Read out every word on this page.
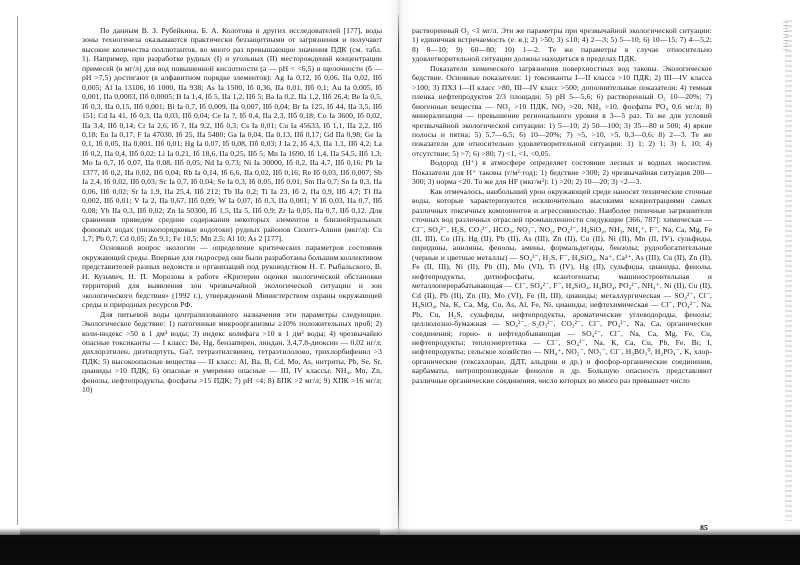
По данным В. З. Рубейкина, Б. А. Колотова и других исследователей [177], воды зоны техногенеза оказываются практически беззащитными от загрязнения и получают высокие количества поллютантов, во много раз превышающие значения ПДК (см. табл. 1). Например, при разработке рудных (I) и угольных (II) месторождений концентрации примесей (в мг/л) для вод повышенной кислотности (а — рН < <6,5) и щелочности (б — рН >7,5) достигают (в алфавитном порядке элементов): Ag Iа 0,12, Iб 0,06, IIа 0,02, IIб 0,005; Al Iа 13106, Iб 1000, IIа 938; As Iа 1500, Iб 0,36, IIа 0,01, IIб 0,1; Au Iа 0,005, Iб 0,001, IIа 0,0003, IIб 0,0005; B Iа 1,4, Iб 5, IIа 1,2, IIб 5; Ba Iа 0,2, IIа 1,2, IIб 26,4; Be Iа 0,5, Iб 0,3, IIа 0,15, IIб 0,001; Bi Iа 0,7, Iб 0,009, IIа 0,007, IIб 0,04; Br Iа 125, Iб 44, IIа 3,5, IIб 151; Cd Iа 41, Iб 0,3, IIа 0,03, IIб 0,04; Ce Iа ?, Iб 0,4, IIа 2,3, IIб 0,18; Co Iа 3600, Iб 0,02, IIа 3,4, IIб 0,14; Cr Iа 2,6, Iб ?, IIа 9,2, IIб 0,3; Cs Iа 0,01; Cu Iа 45633, Iб 1,1, IIа 2,2, IIб 0,18; Eu Iа 0,17; F Iа 47030, Iб 25, IIа 5480; Ga Iа 0,04, IIа 0,13, IIб 0,17; Gd IIа 0,98; Ge Iа 0,1, Iб 0,05, IIа 0,001, IIб 0,01; Hg Iа 0,07, Iб 0,08, IIб 0,03; J Iа 2, Iб 4,3, IIа 1,1, IIб 4,2; La Iб 0,2, IIа 0,4, IIб 0,02; Li Iа 0,21, Iб 18,6, IIа 0,25, IIб 5; Mn Iа 1690, Iб 1,4, IIа 54,5, IIб 1,3; Mo Iа 0,7, Iб 0,07, IIа 0,08, IIб 0,05; Nd Iа 0,73; Ni Iа 30000, Iб 0,2, IIа 4,7, IIб 0,16; Pb Iа 1377, Iб 0,2, IIа 0,02, IIб 0,04; Rb Iа 0,14, Iб 6,6, IIа 0,02, IIб 0,16; Re Iб 0,03, IIб 0,007; Sb Iа 2,4, Iб 0,02, IIб 0,03; Sc Iа 0,7, Iб 0,04; Se Iа 0,3, Iб 0,05, IIб 0,01; Sm IIа 0,7; Sn Iа 0,3, IIа 0,06, IIб 0,02; Sr Iа 1,9, IIа 25,4, IIб 212; Tb IIа 0,2; Ti Iа 23, Iб 2, IIа 0,9, IIб 4,7; Tl IIа 0,002, IIб 0,01; V Iа 2, IIа 0,67, IIб 0,09; W Iа 0,07, Iб 0,3, IIа 0,001; Y Iб 0,03, IIа 0,7, IIб 0,08; Yb IIа 0,3, IIб 0,02; Zn Iа 50300, Iб 1,5, IIа 5, IIб 0,9; Zr Iа 0,05, IIа 0,7, IIб 0,12. Для сравнения приведем средние содержания некоторых элементов в близнейтральных фоновых водах (низкопорядковые водотоки) рудных районов Сихотэ-Алиня (мкг/л): Cu 1,7; Pb 0,7; Cd 0,05; Zn 9,1; Fe 10,5; Mn 2,5; Al 10; As 2 [177].

Основной вопрос экологии — определение критических параметров состояния окружающей среды. Впервые для гидросред они были разработаны большим коллективом представителей разных ведомств и организаций под руководством Н. Г. Рыбальского, В. Н. Кузьмич, Н. П. Морозова в работе «Критерии оценки экологической обстановки территорий для выявления зон чрезвычайной экологической ситуации и зон экологического бедствия» (1992 г.), утвержденной Министерством охраны окружающей среды и природных ресурсов РФ.

Для питьевой воды централизованного назначения эти параметры следующие. Экологическое бедствие: 1) патогенные микроорганизмы ≥10% положительных проб; 2) коли-индекс >50 в 1 дм³ воды; 3) индекс колифага >10 в 1 дм³ воды; 4) чрезвычайно опасные токсиканты — I класс: Be, Hg, бензапирен, линдан, 3,4,7,8-диоксин — 0,02 нг/л; дихлорэтилен, диэтилртуть, Ga?, тетраэтилсвинец, тетраэтилолово, трихлорбифенил >3 ПДК; 5) высокоопасные вещества — II класс: Al, Ba, B, Cd, Mo, As, нитриты, Pb, Se, Sr, цианиды >10 ПДК; 6) опасные и умеренно опасные — III, IV классы: NH₄, Mn, Zn, фенолы, нефтепродукты, фосфаты >15 ПДК; 7) рН <4; 8) БПК >2 мг/л; 9) ХПК >16 мг/л; 10)

растворенный О₂ <1 мг/л. Эти же параметры при чрезвычайной экологической ситуации: 1) единичная встречаемость (е. в.); 2) >50; 3) ≤10; 4) 2—3; 5) 5—10; 6) 10—15; 7) 4—5,2; 8) 8—10; 9) 60—80; 10) 1—2. Те же параметры в случае относительно удовлетворительной ситуации должны находиться в пределах ПДК.

Показатели химического загрязнения поверхностных вод таковы. Экологическое бедствие. Основные показатели: 1) токсиканты I—II класса >10 ПДК; 2) III—IV класса >100; 3) ПХЗ I—II класс >80, III—IV класс >500; дополнительные показатели: 4) темная пленка нефтепродуктов 2/3 площади; 5) рН 5—5,6; 6) растворенный О₂ 10—20%; 7) биогенные вещества — NO₂ >10 ПДК, NO₃ >20, NH₄ >10, фосфаты PO₄ 0,6 мг/л; 8) минерализация — превышение регионального уровня в 3—5 раз. То же для условий чрезвычайной экологической ситуации: 1) 5—10; 2) 50—100; 3) 35—80 и 500; 4) яркие полосы и пятна; 5) 5,7—6,5; 6) 10—20%; 7) >5, >10, >5, 0,3—0,6; 8) 2—3. Те же показатели для относительно удовлетворительной ситуации: 1) 1; 2) 1; 3) 1, 10; 4) отсутствие; 5) >7; 6) >80; 7) <1, <1, <0,05.

Водород (Н⁺) в атмосфере определяет состояние лесных и водных экосистем. Показатели для Н⁺ таковы (г/м²·год): 1) бедствие >300; 2) чрезвычайная ситуация 200—300; 3) норма <20. То же для HF (мкг/м³): 1) >20; 2) 10—20; 3) <2—3.

Как отмечалось, наибольший урон окружающей среде наносят технические сточные воды, которые характеризуются исключительно высокими концентрациями самых различных токсичных компонентов и агрессивностью. Наиболее типичные загрязнители сточных вод различных отраслей промышленности следующие [366, 787]: химическая — Cl⁻, SO₄²⁻, H₂S, CO₃²⁻, HCO₃, NO₃⁻, NO₂, PO₄²⁻, H₄SiO₄, NH₃, NH₄⁺, F⁻, Na, Ca, Mg, Fe (II, III), Co (II), Hg (II), Pb (II), As (III), Zn (II), Cu (II), Ni (II), Mn (II, IV), сульфиды, пиридины, анилины, фенолы, амины, формальдегиды, бензолы; рудообогатительные (черные и цветные металлы) — SO₄²⁻, H₂S, F⁻, H₄SiO₄, Na⁺, Ca²⁺, As (III), Cu (II), Zn (II), Fe (II, III), Ni (II), Pb (II), Mo (VI), Ti (IV), Hg (II), сульфиды, цианиды, фенолы, нефтепродукты, дитиофосфаты, ксантогенаты; машиностроительная и металлоперерабатывающая — Cl⁻, SO₄²⁻, F⁻, H₄SiO₄, H₄BO₄, PO₄²⁻, NH₄⁺, Ni (II), Cu (II), Cd (II), Pb (II), Zn (II), Mo (VI), Fe (II, III), цианиды; металлургическая — SO₄²⁻, Cl⁻, H₄SiO₄, Na, K, Ca, Mg, Cu, As, Al, Fe, Ni, цианиды; нефтехимическая — Cl⁻, PO₄²⁻, Na, Pb, Cu, H₂S, сульфиды, нефтепродукты, ароматические углеводороды, фенолы; целлюлозно-бумажная — SO₄²⁻, S₂O₃²⁻, CO₃²⁻, Cl⁻, PO₄²⁻, Na, Ca, органические соединения; горно- и нефтедобывающая — SO₄²⁻, Cl⁻, Na, Ca, Mg, Fe, Cu, нефтепродукты; теплоэнергетика — Cl⁻, SO₄²⁻, Na, K, Ca, Cu, Pb, Fe, Br, I, нефтепродукты; сельское хозяйство — NH₄⁺, NO₂⁻, NO₃⁻, Cl⁻, H₃BO₃⁰, H₂PO₄⁻, K, хлор-органические (гексахлоран, ДДТ, альдрин и др.) и фосфор-органические соединения, карбаматы, нитропроизводные фенолов и др. Большую опасность представляют различные органические соединения, число которых во много раз превышает число
